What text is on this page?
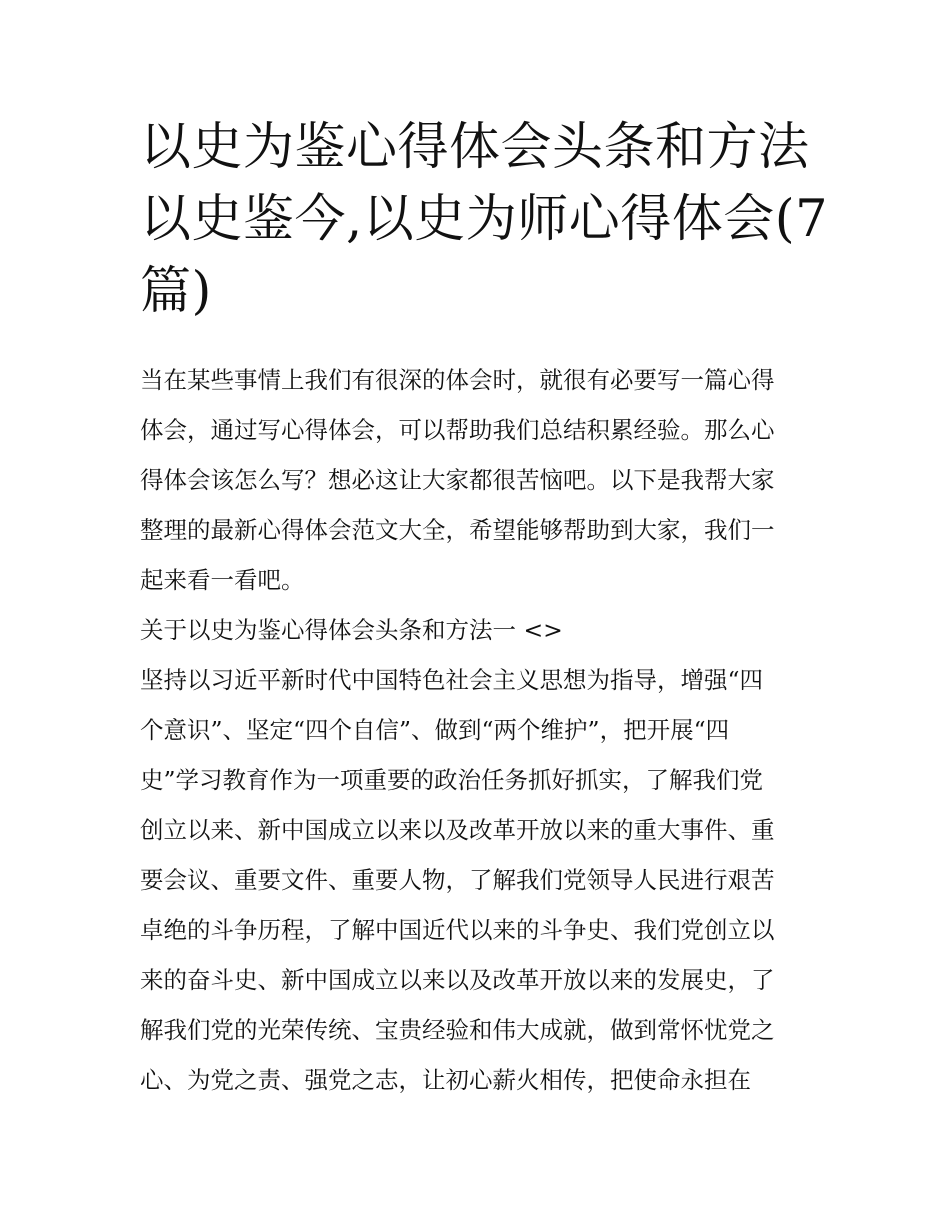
以史为鉴心得体会头条和方法
以史鉴今,以史为师心得体会(7
篇)
当在某些事情上我们有很深的体会时，就很有必要写一篇心得
体会，通过写心得体会，可以帮助我们总结积累经验。那么心
得体会该怎么写？想必这让大家都很苦恼吧。以下是我帮大家
整理的最新心得体会范文大全，希望能够帮助到大家，我们一
起来看一看吧。
关于以史为鉴心得体会头条和方法一 <>
坚持以习近平新时代中国特色社会主义思想为指导，增强“四
个意识”、坚定“四个自信”、做到“两个维护”，把开展“四
史”学习教育作为一项重要的政治任务抓好抓实，了解我们党
创立以来、新中国成立以来以及改革开放以来的重大事件、重
要会议、重要文件、重要人物，了解我们党领导人民进行艰苦
卓绝的斗争历程，了解中国近代以来的斗争史、我们党创立以
来的奋斗史、新中国成立以来以及改革开放以来的发展史，了
解我们党的光荣传统、宝贵经验和伟大成就，做到常怀忧党之
心、为党之责、强党之志，让初心薪火相传，把使命永担在
